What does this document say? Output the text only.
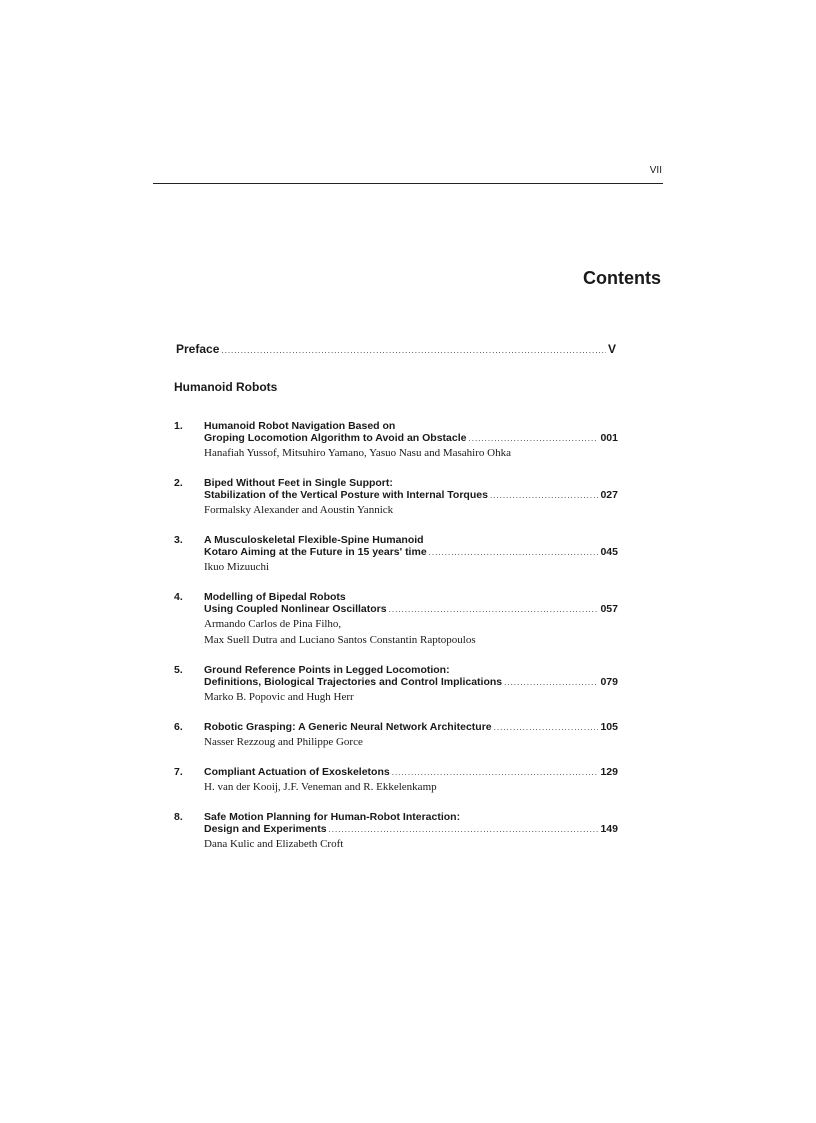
VII
Contents
Preface .....	V
Humanoid Robots
1. Humanoid Robot Navigation Based on
Groping Locomotion Algorithm to Avoid an Obstacle .....	001
Hanafiah Yussof, Mitsuhiro Yamano, Yasuo Nasu and Masahiro Ohka
2. Biped Without Feet in Single Support:
Stabilization of the Vertical Posture with Internal Torques .....	027
Formalsky Alexander and Aoustin Yannick
3. A Musculoskeletal Flexible-Spine Humanoid
Kotaro Aiming at the Future in 15 years' time .....	045
Ikuo Mizuuchi
4. Modelling of Bipedal Robots
Using Coupled Nonlinear Oscillators .....	057
Armando Carlos de Pina Filho,
Max Suell Dutra and Luciano Santos Constantin Raptopoulos
5. Ground Reference Points in Legged Locomotion:
Definitions, Biological Trajectories and Control Implications .....	079
Marko B. Popovic and Hugh Herr
6. Robotic Grasping: A Generic Neural Network Architecture .....	105
Nasser Rezzoug and Philippe Gorce
7. Compliant Actuation of Exoskeletons .....	129
H. van der Kooij, J.F. Veneman and R. Ekkelenkamp
8. Safe Motion Planning for Human-Robot Interaction:
Design and Experiments .....	149
Dana Kulic and Elizabeth Croft
